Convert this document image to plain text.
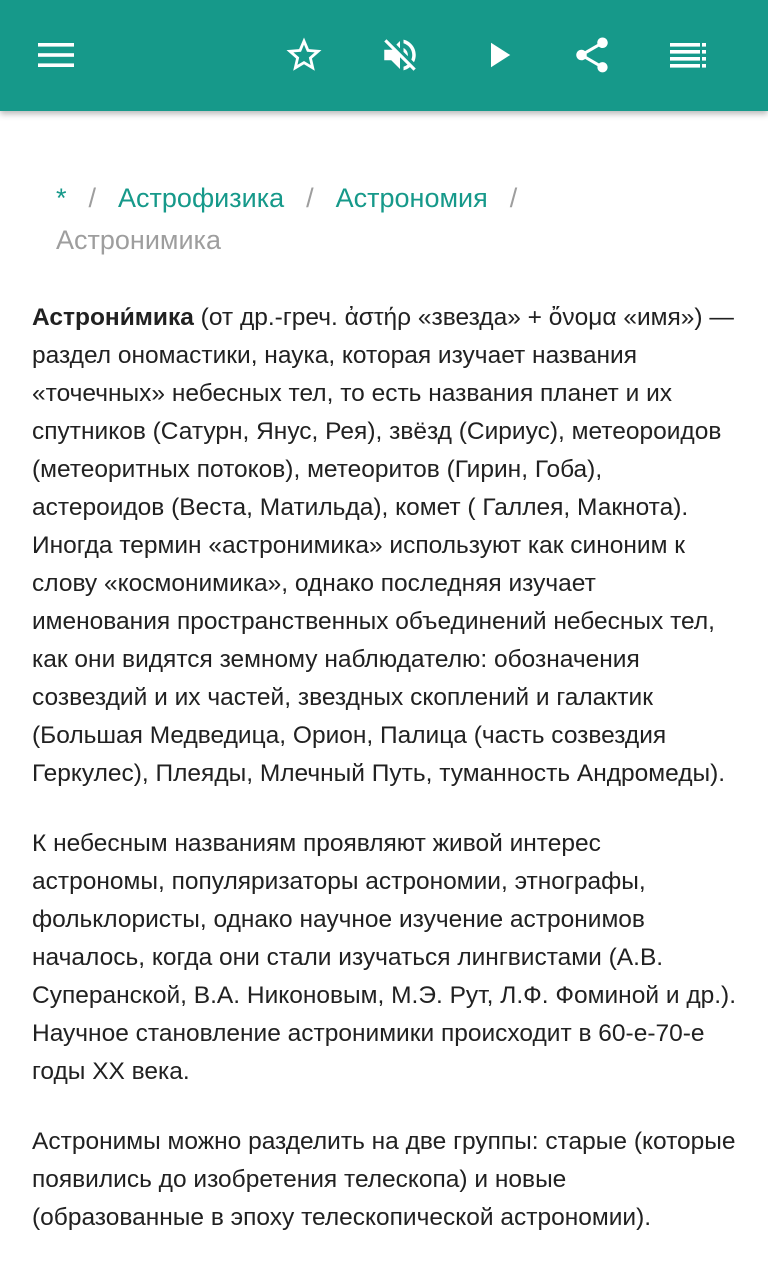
* / Астрофизика / Астрономия /
Астронимика

Астрони́мика (от др.-греч. ἀστήρ «звезда» + ὄνομα «имя») — раздел ономастики, наука, которая изучает названия «точечных» небесных тел, то есть названия планет и их спутников (Сатурн, Янус, Рея), звёзд (Сириус), метеороидов (метеоритных потоков), метеоритов (Гирин, Гоба), астероидов (Веста, Матильда), комет ( Галлея, Макнота). Иногда термин «астронимика» используют как синоним к слову «космонимика», однако последняя изучает именования пространственных объединений небесных тел, как они видятся земному наблюдателю: обозначения созвездий и их частей, звездных скоплений и галактик (Большая Медведица, Орион, Палица (часть созвездия Геркулес), Плеяды, Млечный Путь, туманность Андромеды).

К небесным названиям проявляют живой интерес астрономы, популяризаторы астрономии, этнографы, фольклористы, однако научное изучение астронимов началось, когда они стали изучаться лингвистами (А.В. Суперанской, В.А. Никоновым, М.Э. Рут, Л.Ф. Фоминой и др.). Научное становление астронимики происходит в 60-е-70-е годы XX века.

Астронимы можно разделить на две группы: старые (которые появились до изобретения телескопа) и новые (образованные в эпоху телескопической астрономии).
